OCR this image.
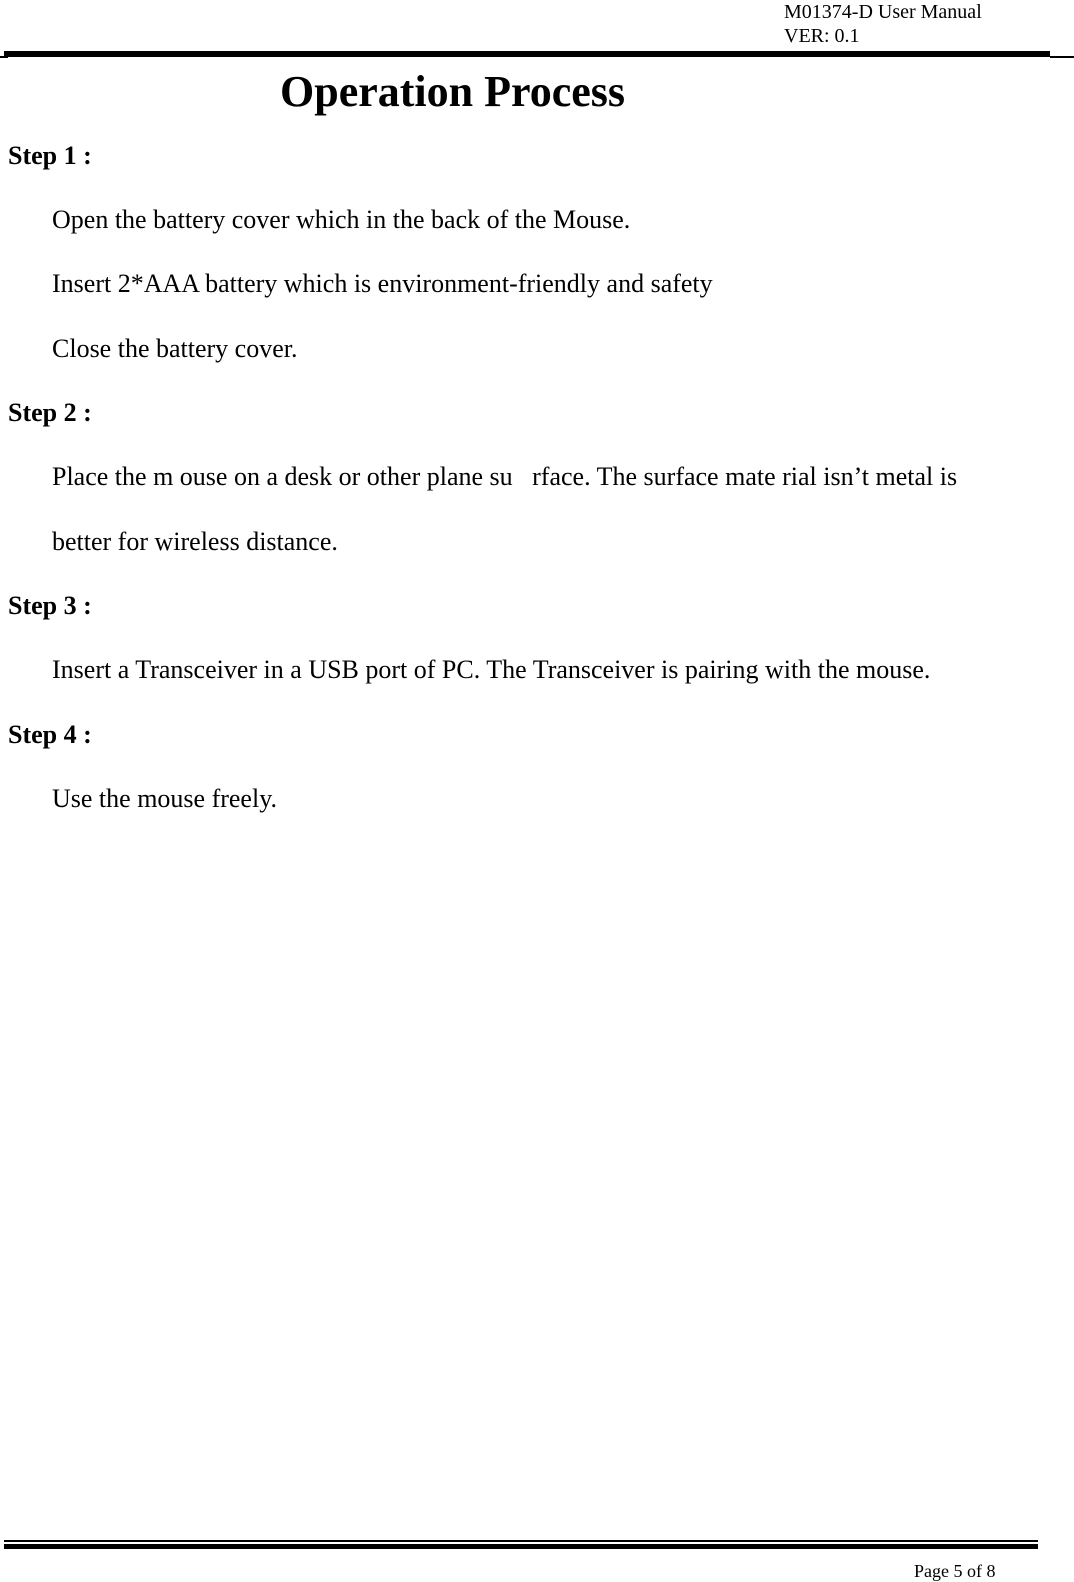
M01374-D User Manual
VER: 0.1
Operation Process
Step 1 :
Open the battery cover which in the back of the Mouse.
Insert 2*AAA battery which is environment-friendly and safety
Close the battery cover.
Step 2 :
Place the m ouse on a desk or other plane su   rface. The surface mate rial isn’t metal is
better for wireless distance.
Step 3 :
Insert a Transceiver in a USB port of PC. The Transceiver is pairing with the mouse.
Step 4 :
Use the mouse freely.
Page 5 of 8
